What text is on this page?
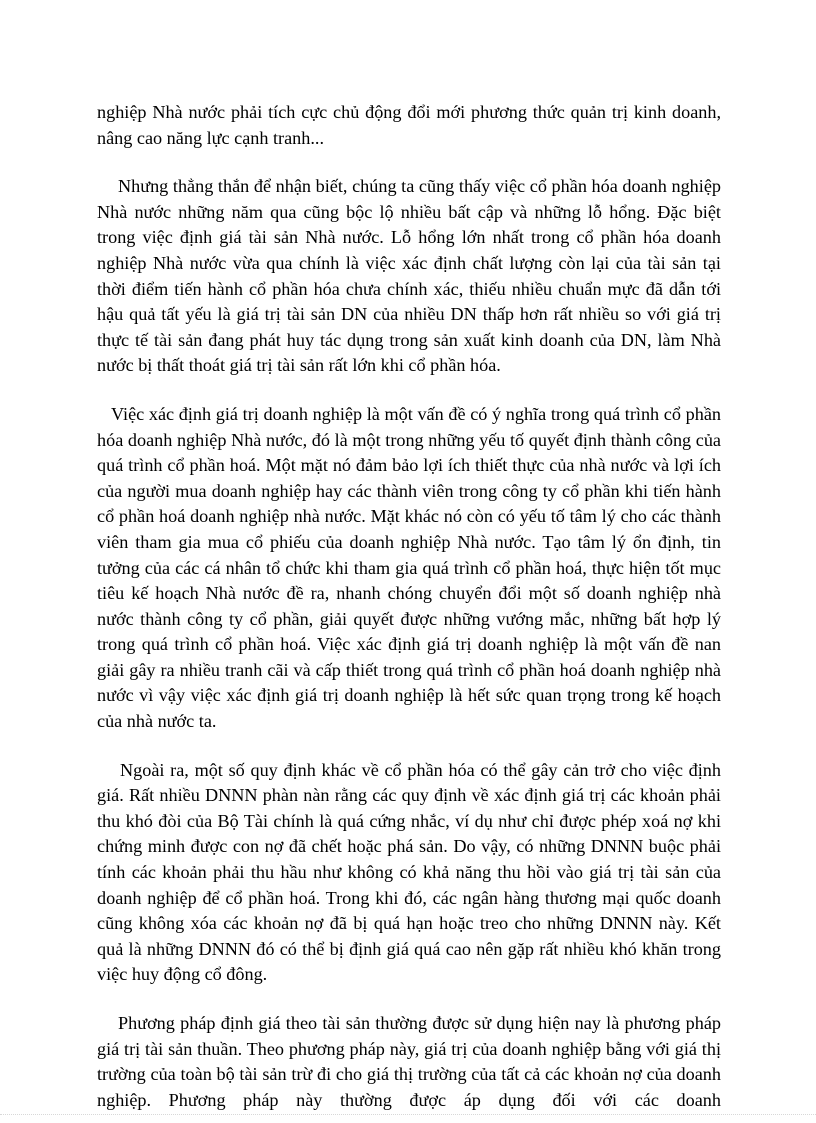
nghiệp Nhà nước phải tích cực chủ động đổi mới phương thức quản trị kinh doanh, nâng cao năng lực cạnh tranh...

Nhưng thẳng thắn để nhận biết, chúng ta cũng thấy việc cổ phần hóa doanh nghiệp Nhà nước những năm qua cũng bộc lộ nhiều bất cập và những lỗ hổng. Đặc biệt trong việc định giá tài sản Nhà nước. Lỗ hổng lớn nhất trong cổ phần hóa doanh nghiệp Nhà nước vừa qua chính là việc xác định chất lượng còn lại của tài sản tại thời điểm tiến hành cổ phần hóa chưa chính xác, thiếu nhiều chuẩn mực đã dẫn tới hậu quả tất yếu là giá trị tài sản DN của nhiều DN thấp hơn rất nhiều so với giá trị thực tế tài sản đang phát huy tác dụng trong sản xuất kinh doanh của DN, làm Nhà nước bị thất thoát giá trị tài sản rất lớn khi cổ phần hóa.

Việc xác định giá trị doanh nghiệp là một vấn đề có ý nghĩa trong quá trình cổ phần hóa doanh nghiệp Nhà nước, đó là một trong những yếu tố quyết định thành công của quá trình cổ phần hoá. Một mặt nó đảm bảo lợi ích thiết thực của nhà nước và lợi ích của người mua doanh nghiệp hay các thành viên trong công ty cổ phần khi tiến hành cổ phần hoá doanh nghiệp nhà nước. Mặt khác nó còn có yếu tố tâm lý cho các thành viên tham gia mua cổ phiếu của doanh nghiệp Nhà nước. Tạo tâm lý ổn định, tin tưởng của các cá nhân tổ chức khi tham gia quá trình cổ phần hoá, thực hiện tốt mục tiêu kế hoạch Nhà nước đề ra, nhanh chóng chuyển đổi một số doanh nghiệp nhà nước thành công ty cổ phần, giải quyết được những vướng mắc, những bất hợp lý trong quá trình cổ phần hoá. Việc xác định giá trị doanh nghiệp là một vấn đề nan giải gây ra nhiều tranh cãi và cấp thiết trong quá trình cổ phần hoá doanh nghiệp nhà nước vì vậy việc xác định giá trị doanh nghiệp là hết sức quan trọng trong kế hoạch của nhà nước ta.

Ngoài ra, một số quy định khác về cổ phần hóa có thể gây cản trở cho việc định giá. Rất nhiều DNNN phàn nàn rằng các quy định về xác định giá trị các khoản phải thu khó đòi của Bộ Tài chính là quá cứng nhắc, ví dụ như chỉ được phép xoá nợ khi chứng minh được con nợ đã chết hoặc phá sản. Do vậy, có những DNNN buộc phải tính các khoản phải thu hầu như không có khả năng thu hồi vào giá trị tài sản của doanh nghiệp để cổ phần hoá. Trong khi đó, các ngân hàng thương mại quốc doanh cũng không xóa các khoản nợ đã bị quá hạn hoặc treo cho những DNNN này. Kết quả là những DNNN đó có thể bị định giá quá cao nên gặp rất nhiều khó khăn trong việc huy động cổ đông.

Phương pháp định giá theo tài sản thường được sử dụng hiện nay là phương pháp giá trị tài sản thuần. Theo phương pháp này, giá trị của doanh nghiệp bằng với giá thị trường của toàn bộ tài sản trừ đi cho giá thị trường của tất cả các khoản nợ của doanh nghiệp. Phương pháp này thường được áp dụng đối với các doanh
